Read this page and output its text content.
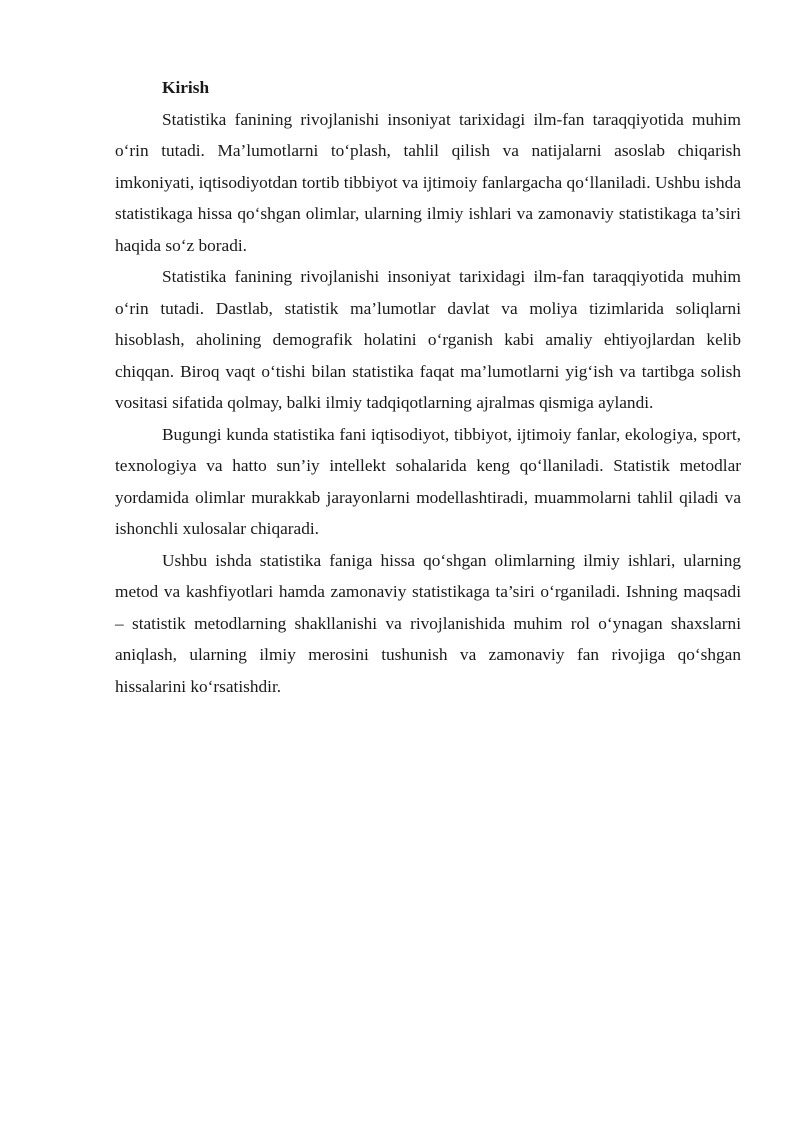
Kirish

Statistika fanining rivojlanishi insoniyat tarixidagi ilm-fan taraqqiyotida muhim o‘rin tutadi. Ma’lumotlarni to‘plash, tahlil qilish va natijalarni asoslab chiqarish imkoniyati, iqtisodiyotdan tortib tibbiyot va ijtimoiy fanlargacha qo‘llaniladi. Ushbu ishda statistikaga hissa qo‘shgan olimlar, ularning ilmiy ishlari va zamonaviy statistikaga ta’siri haqida so‘z boradi.

Statistika fanining rivojlanishi insoniyat tarixidagi ilm-fan taraqqiyotida muhim o‘rin tutadi. Dastlab, statistik ma’lumotlar davlat va moliya tizimlarida soliqlarni hisoblash, aholining demografik holatini o‘rganish kabi amaliy ehtiyojlardan kelib chiqqan. Biroq vaqt o‘tishi bilan statistika faqat ma’lumotlarni yig‘ish va tartibga solish vositasi sifatida qolmay, balki ilmiy tadqiqotlarning ajralmas qismiga aylandi.

Bugungi kunda statistika fani iqtisodiyot, tibbiyot, ijtimoiy fanlar, ekologiya, sport, texnologiya va hatto sun’iy intellekt sohalarida keng qo‘llaniladi. Statistik metodlar yordamida olimlar murakkab jarayonlarni modellashtiradi, muammolarni tahlil qiladi va ishonchli xulosalar chiqaradi.

Ushbu ishda statistika faniga hissa qo‘shgan olimlarning ilmiy ishlari, ularning metod va kashfiyotlari hamda zamonaviy statistikaga ta’siri o‘rganiladi. Ishning maqsadi – statistik metodlarning shakllanishi va rivojlanishida muhim rol o‘ynagan shaxslarni aniqlash, ularning ilmiy merosini tushunish va zamonaviy fan rivojiga qo‘shgan hissalarini ko‘rsatishdir.
